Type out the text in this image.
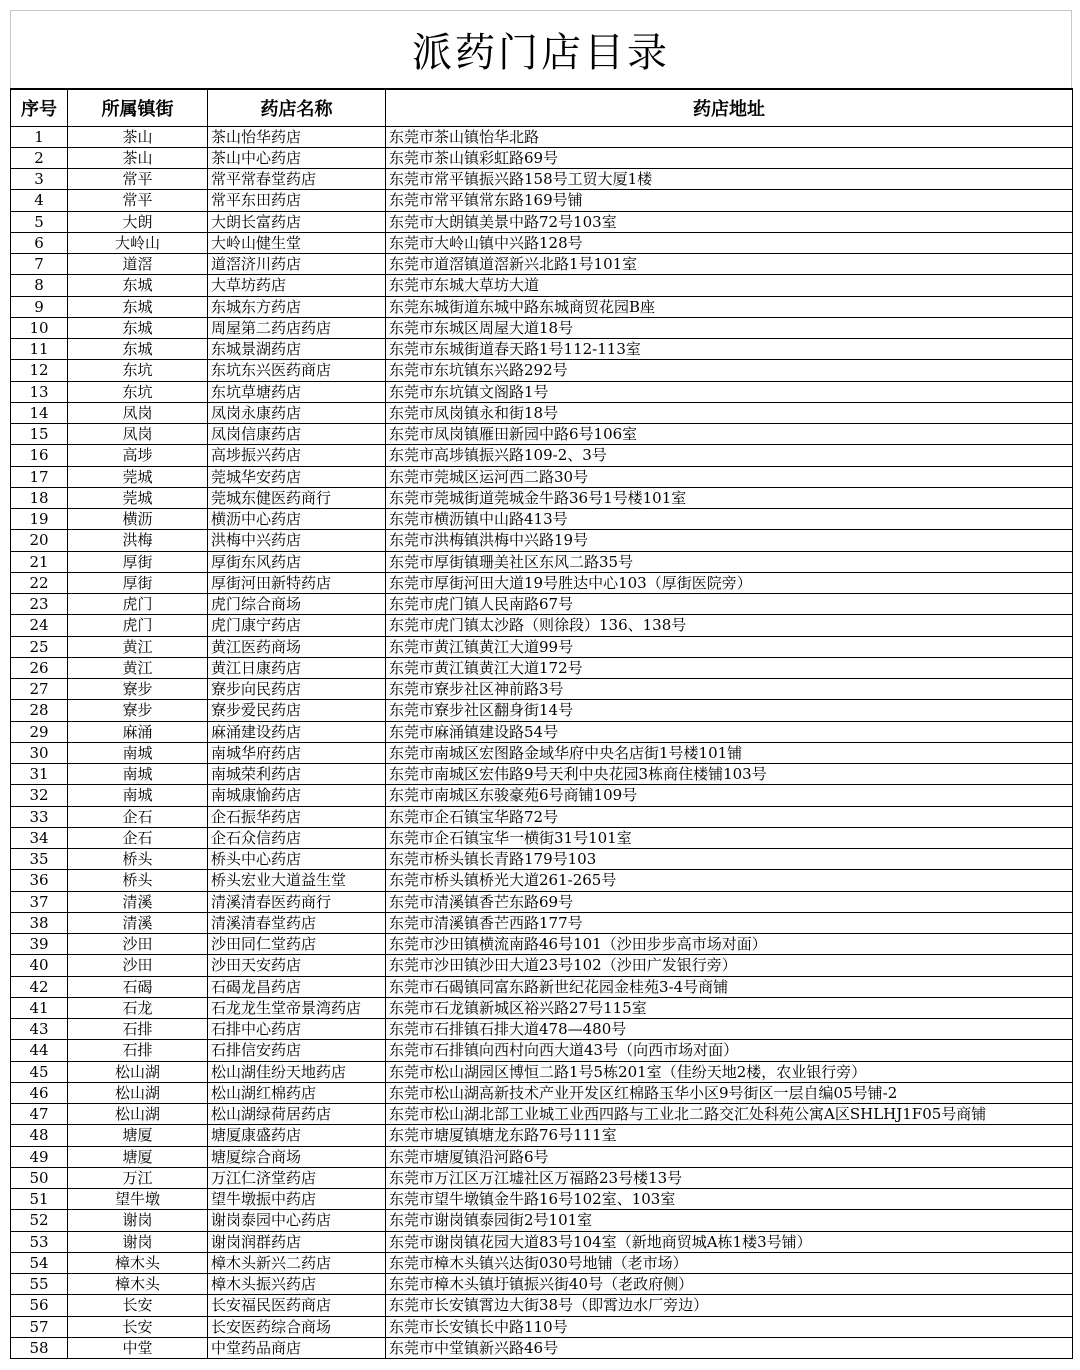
派药门店目录
序号	所属镇街	药店名称	药店地址
1	茶山	茶山怡华药店	东莞市茶山镇怡华北路
2	茶山	茶山中心药店	东莞市茶山镇彩虹路69号
3	常平	常平常春堂药店	东莞市常平镇振兴路158号工贸大厦1楼
4	常平	常平东田药店	东莞市常平镇常东路169号铺
5	大朗	大朗长富药店	东莞市大朗镇美景中路72号103室
6	大岭山	大岭山健生堂	东莞市大岭山镇中兴路128号
7	道滘	道滘济川药店	东莞市道滘镇道滘新兴北路1号101室
8	东城	大草坊药店	东莞市东城大草坊大道
9	东城	东城东方药店	东莞东城街道东城中路东城商贸花园B座
10	东城	周屋第二药店药店	东莞市东城区周屋大道18号
11	东城	东城景湖药店	东莞市东城街道春天路1号112-113室
12	东坑	东坑东兴医药商店	东莞市东坑镇东兴路292号
13	东坑	东坑草塘药店	东莞市东坑镇文阁路1号
14	凤岗	凤岗永康药店	东莞市凤岗镇永和街18号
15	凤岗	凤岗信康药店	东莞市凤岗镇雁田新园中路6号106室
16	高埗	高埗振兴药店	东莞市高埗镇振兴路109-2、3号
17	莞城	莞城华安药店	东莞市莞城区运河西二路30号
18	莞城	莞城东健医药商行	东莞市莞城街道莞城金牛路36号1号楼101室
19	横沥	横沥中心药店	东莞市横沥镇中山路413号
20	洪梅	洪梅中兴药店	东莞市洪梅镇洪梅中兴路19号
21	厚街	厚街东风药店	东莞市厚街镇珊美社区东风二路35号
22	厚街	厚街河田新特药店	东莞市厚街河田大道19号胜达中心103（厚街医院旁）
23	虎门	虎门综合商场	东莞市虎门镇人民南路67号
24	虎门	虎门康宁药店	东莞市虎门镇太沙路（则徐段）136、138号
25	黄江	黄江医药商场	东莞市黄江镇黄江大道99号
26	黄江	黄江日康药店	东莞市黄江镇黄江大道172号
27	寮步	寮步向民药店	东莞市寮步社区神前路3号
28	寮步	寮步爱民药店	东莞市寮步社区翻身街14号
29	麻涌	麻涌建设药店	东莞市麻涌镇建设路54号
30	南城	南城华府药店	东莞市南城区宏图路金域华府中央名店街1号楼101铺
31	南城	南城荣利药店	东莞市南城区宏伟路9号天利中央花园3栋商住楼铺103号
32	南城	南城康愉药店	东莞市南城区东骏豪苑6号商铺109号
33	企石	企石振华药店	东莞市企石镇宝华路72号
34	企石	企石众信药店	东莞市企石镇宝华一横街31号101室
35	桥头	桥头中心药店	东莞市桥头镇长青路179号103
36	桥头	桥头宏业大道益生堂	东莞市桥头镇桥光大道261-265号
37	清溪	清溪清春医药商行	东莞市清溪镇香芒东路69号
38	清溪	清溪清春堂药店	东莞市清溪镇香芒西路177号
39	沙田	沙田同仁堂药店	东莞市沙田镇横流南路46号101（沙田步步高市场对面）
40	沙田	沙田天安药店	东莞市沙田镇沙田大道23号102（沙田广发银行旁）
42	石碣	石碣龙昌药店	东莞市石碣镇同富东路新世纪花园金桂苑3-4号商铺
41	石龙	石龙龙生堂帝景湾药店	东莞市石龙镇新城区裕兴路27号115室
43	石排	石排中心药店	东莞市石排镇石排大道478—480号
44	石排	石排信安药店	东莞市石排镇向西村向西大道43号（向西市场对面）
45	松山湖	松山湖佳纷天地药店	东莞市松山湖园区博恒二路1号5栋201室（佳纷天地2楼，农业银行旁）
46	松山湖	松山湖红棉药店	东莞市松山湖高新技术产业开发区红棉路玉华小区9号街区一层自编05号铺-2
47	松山湖	松山湖绿荷居药店	东莞市松山湖北部工业城工业西四路与工业北二路交汇处科苑公寓A区SHLHJ1F05号商铺
48	塘厦	塘厦康盛药店	东莞市塘厦镇塘龙东路76号111室
49	塘厦	塘厦综合商场	东莞市塘厦镇沿河路6号
50	万江	万江仁济堂药店	东莞市万江区万江墟社区万福路23号楼13号
51	望牛墩	望牛墩振中药店	东莞市望牛墩镇金牛路16号102室、103室
52	谢岗	谢岗泰园中心药店	东莞市谢岗镇泰园街2号101室
53	谢岗	谢岗润群药店	东莞市谢岗镇花园大道83号104室（新地商贸城A栋1楼3号铺）
54	樟木头	樟木头新兴二药店	东莞市樟木头镇兴达街030号地铺（老市场）
55	樟木头	樟木头振兴药店	东莞市樟木头镇圩镇振兴街40号（老政府侧）
56	长安	长安福民医药商店	东莞市长安镇霄边大街38号（即霄边水厂旁边）
57	长安	长安医药综合商场	东莞市长安镇长中路110号
58	中堂	中堂药品商店	东莞市中堂镇新兴路46号
